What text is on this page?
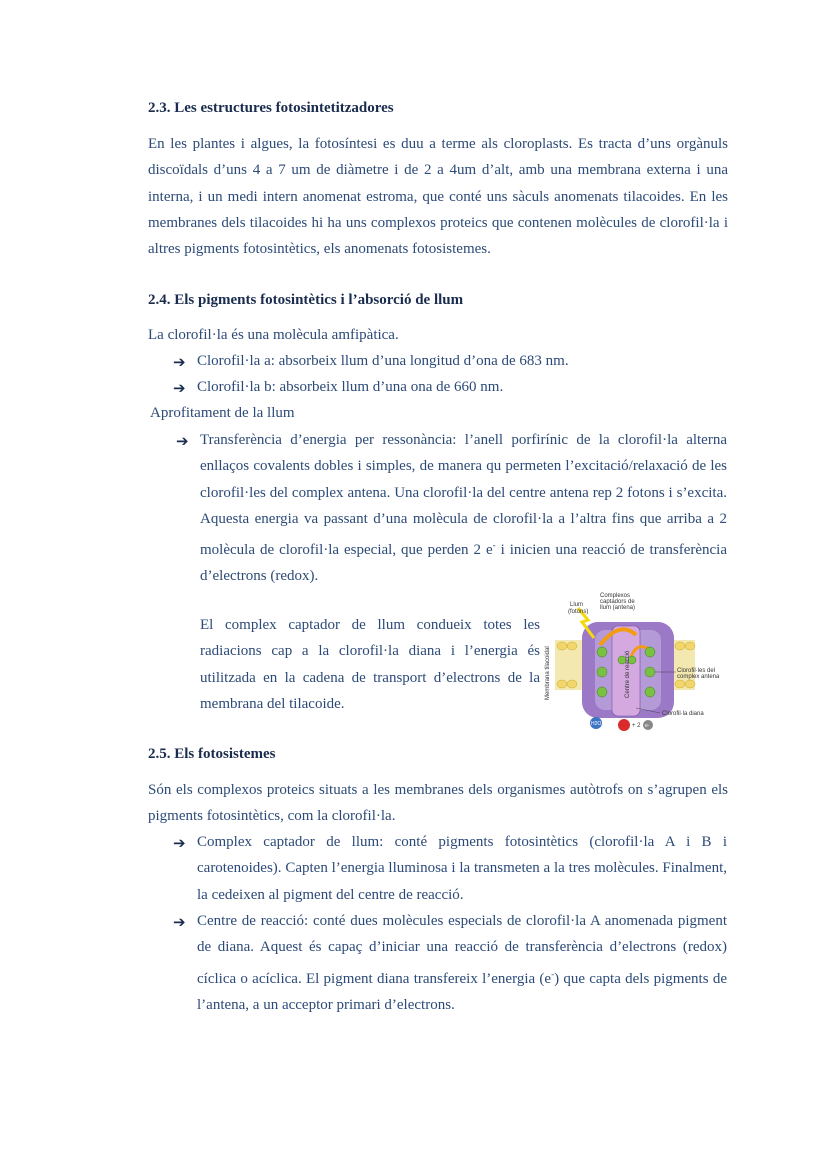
2.3. Les estructures fotosintetitzadores
En les plantes i algues, la fotosíntesi es duu a terme als cloroplasts. Es tracta d’uns orgànuls discoïdals d’uns 4 a 7 um de diàmetre i de 2 a 4um d’alt, amb una membrana externa i una interna, i un medi intern anomenat estroma, que conté uns sàculs anomenats tilacoides. En les membranes dels tilacoides hi ha uns complexos proteics que contenen molècules de clorofil·la i altres pigments fotosintètics, els anomenats fotosistemes.
2.4. Els pigments fotosintètics i l’absorció de llum
La clorofil·la és una molècula amfipàtica.
➔ Clorofil·la a: absorbeix llum d’una longitud d’ona de 683 nm.
➔ Clorofil·la b: absorbeix llum d’una ona de 660 nm.
Aprofitament de la llum
➔ Transferència d’energia per ressonància: l’anell porfirínic de la clorofil·la alterna enllaços covalents dobles i simples, de manera qu permeten l’excitació/relaxació de les clorofil·les del complex antena. Una clorofil·la del centre antena rep 2 fotons i s’excita. Aquesta energia va passant d’una molècula de clorofil·la a l’altra fins que arriba a 2 molècula de clorofil·la especial, que perden 2 e- i inicien una reacció de transferència d’electrons (redox).
El complex captador de llum condueix totes les radiacions cap a la clorofil·la diana i l’energia és utilitzada en la cadena de transport d’electrons de la membrana del tilacoide.
H2O	+ 2 e-
Llum
(fotons)
Complexos
captadors de
llum (antena)
Membrana tilacoidal	Centre de reacció	Clorofil·les del
complex antena
Clorofil·la diana
2.5. Els fotosistemes
Són els complexos proteics situats a les membranes dels organismes autòtrofs on s’agrupen els pigments fotosintètics, com la clorofil·la.
➔ Complex captador de llum: conté pigments fotosintètics (clorofil·la A i B i carotenoides). Capten l’energia lluminosa i la transmeten a la tres molècules. Finalment, la cedeixen al pigment del centre de reacció.
➔ Centre de reacció: conté dues molècules especials de clorofil·la A anomenada pigment de diana. Aquest és capaç d’iniciar una reacció de transferència d’electrons (redox) cíclica o acíclica. El pigment diana transfereix l’energia (e-) que capta dels pigments de l’antena, a un acceptor primari d’electrons.
